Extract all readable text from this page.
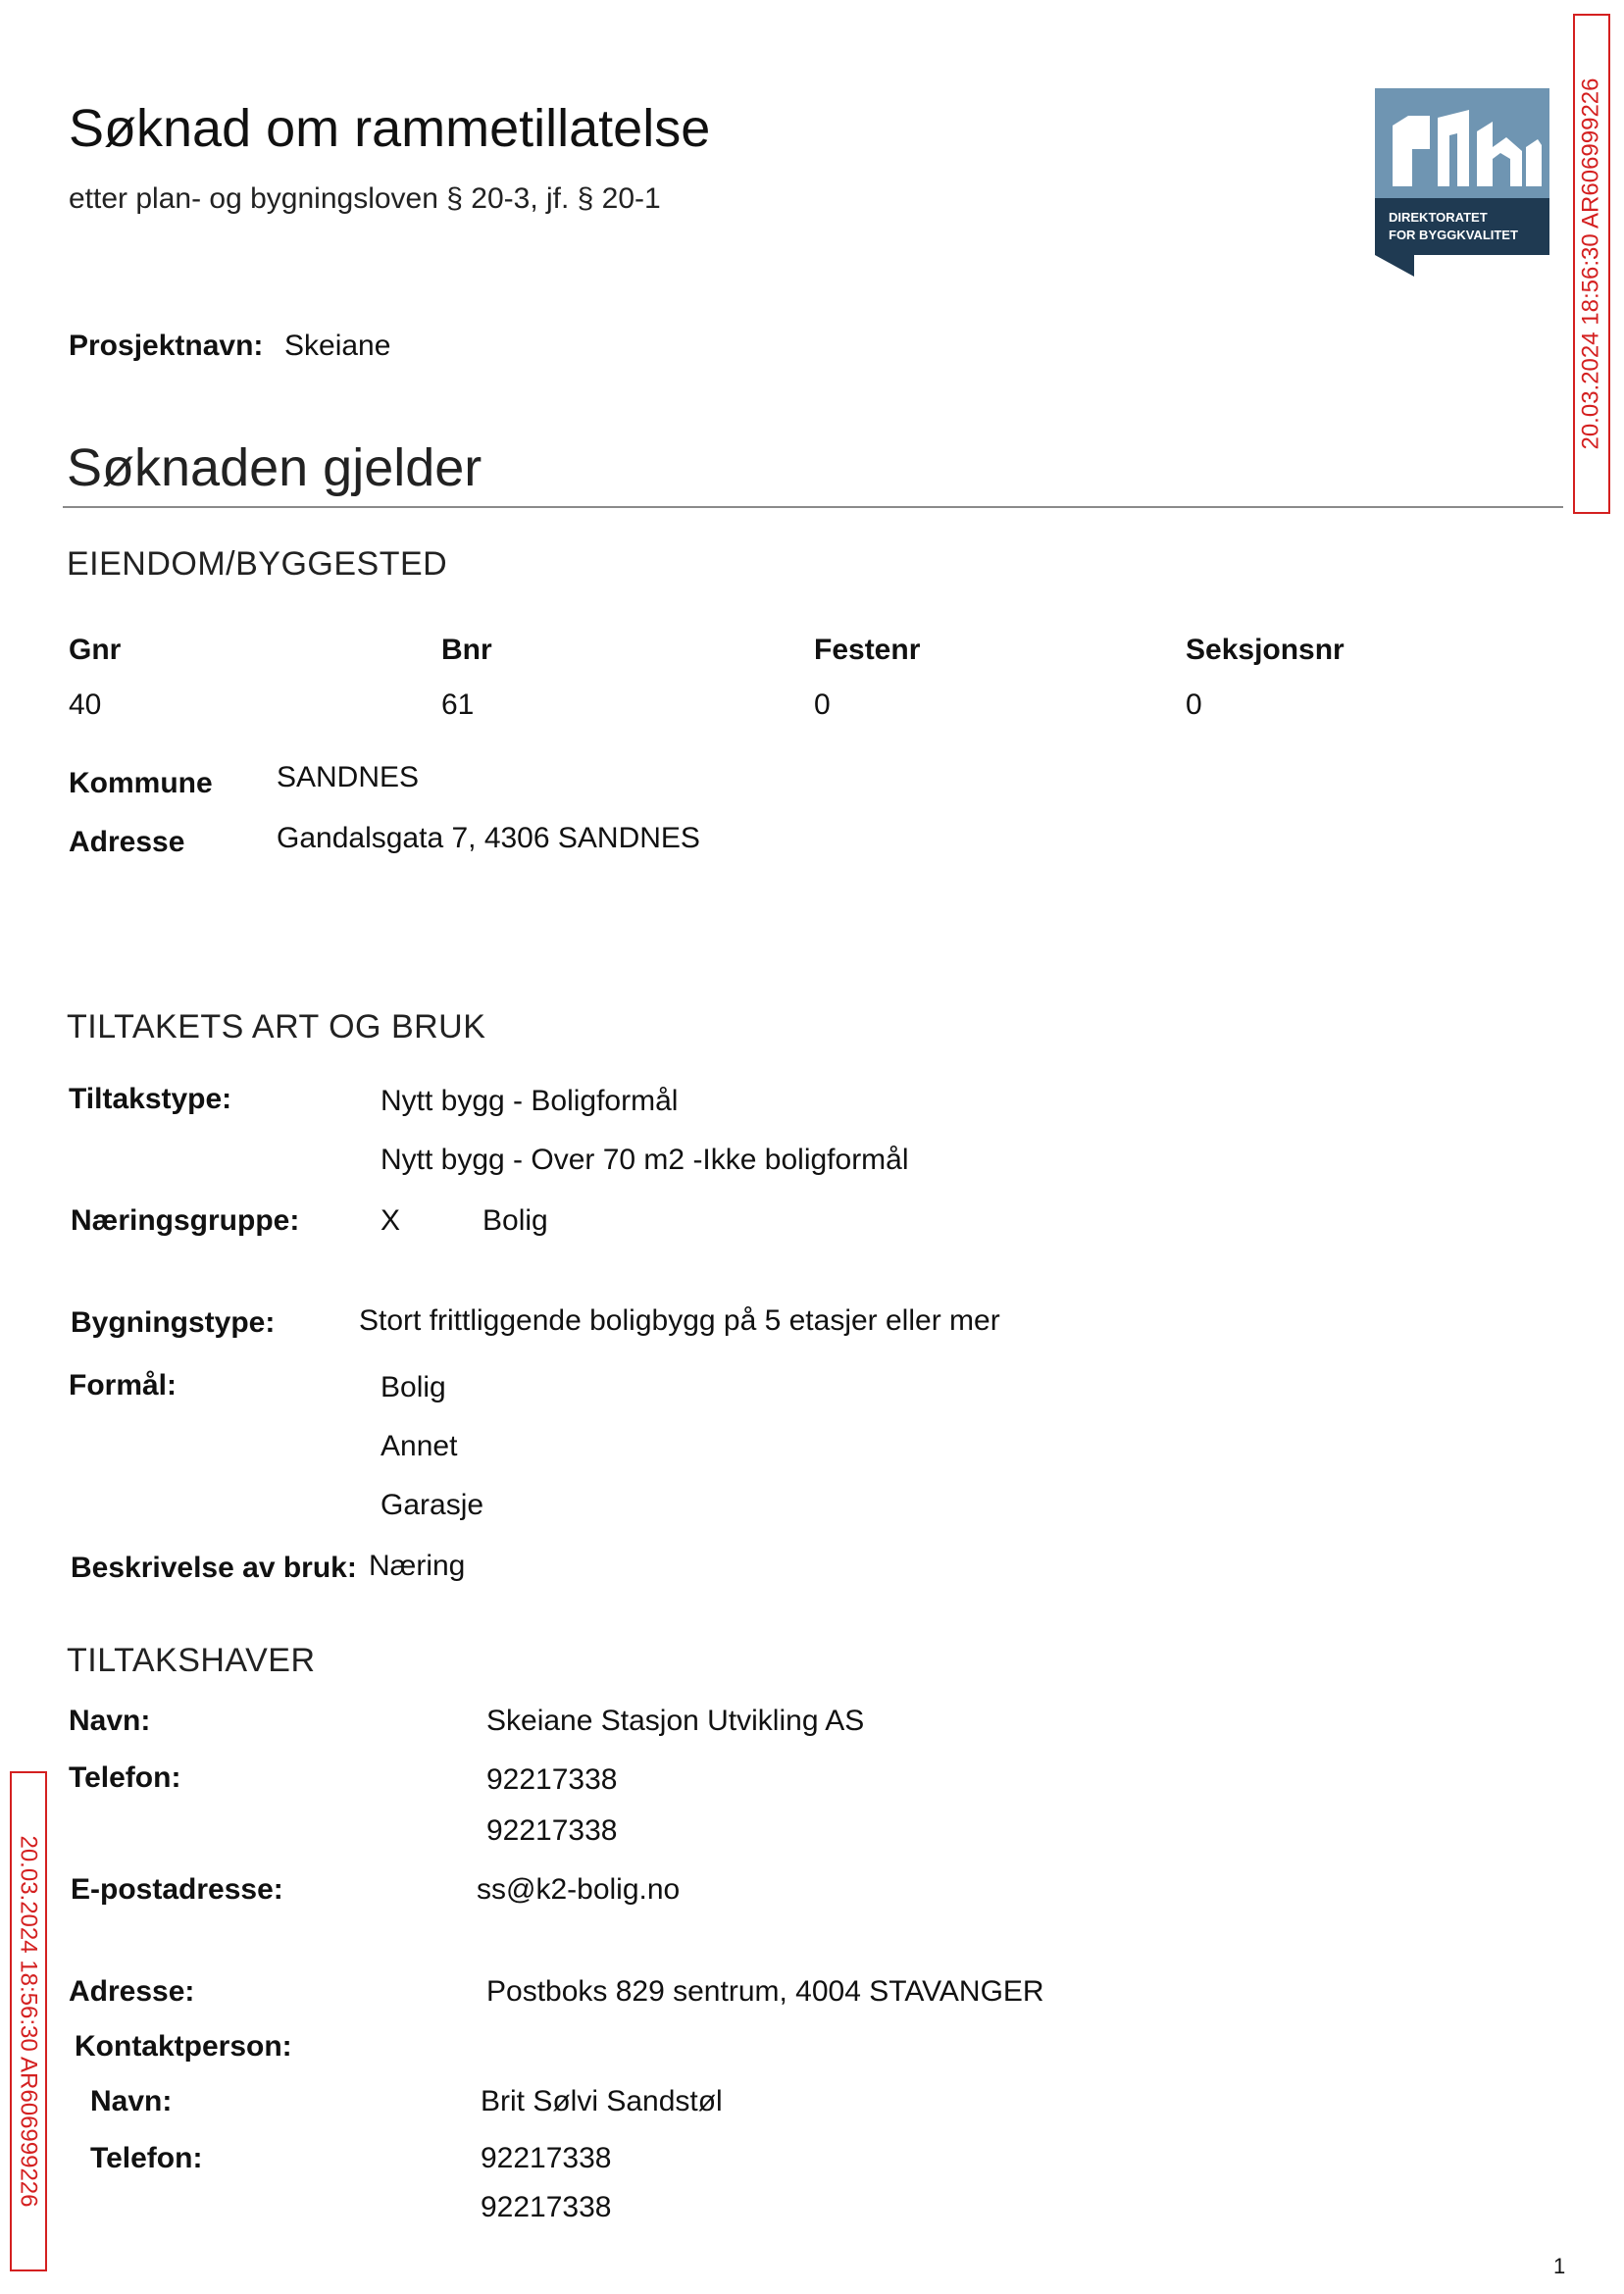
Søknad om rammetillatelse
etter plan- og bygningsloven § 20-3, jf. § 20-1
Prosjektnavn: Skeiane
DIREKTORATET
FOR BYGGKVALITET	20.03.2024 18:56:30 AR606999226
20.03.2024 18:56:30 AR606999226
Søknaden gjelder
EIENDOM/BYGGESTED
Gnr	Bnr	Festenr	Seksjonsnr
40	61	0	0
Kommune SANDNES
Adresse	Gandalsgata 7, 4306 SANDNES
TILTAKETS ART OG BRUK
Tiltakstype:	Nytt bygg - Boligformål
Nytt bygg - Over 70 m2 -Ikke boligformål
Næringsgruppe:	X	Bolig
Bygningstype:	Stort frittliggende boligbygg på 5 etasjer eller mer
Formål:	Bolig
Annet
Garasje
Beskrivelse av bruk: Næring
TILTAKSHAVER
Navn:	Skeiane Stasjon Utvikling AS
Telefon:	92217338
92217338
E-postadresse:	ss@k2-bolig.no
Adresse:	Postboks 829 sentrum, 4004 STAVANGER
Kontaktperson:
Navn:	Brit Sølvi Sandstøl
Telefon:	92217338
92217338
1
